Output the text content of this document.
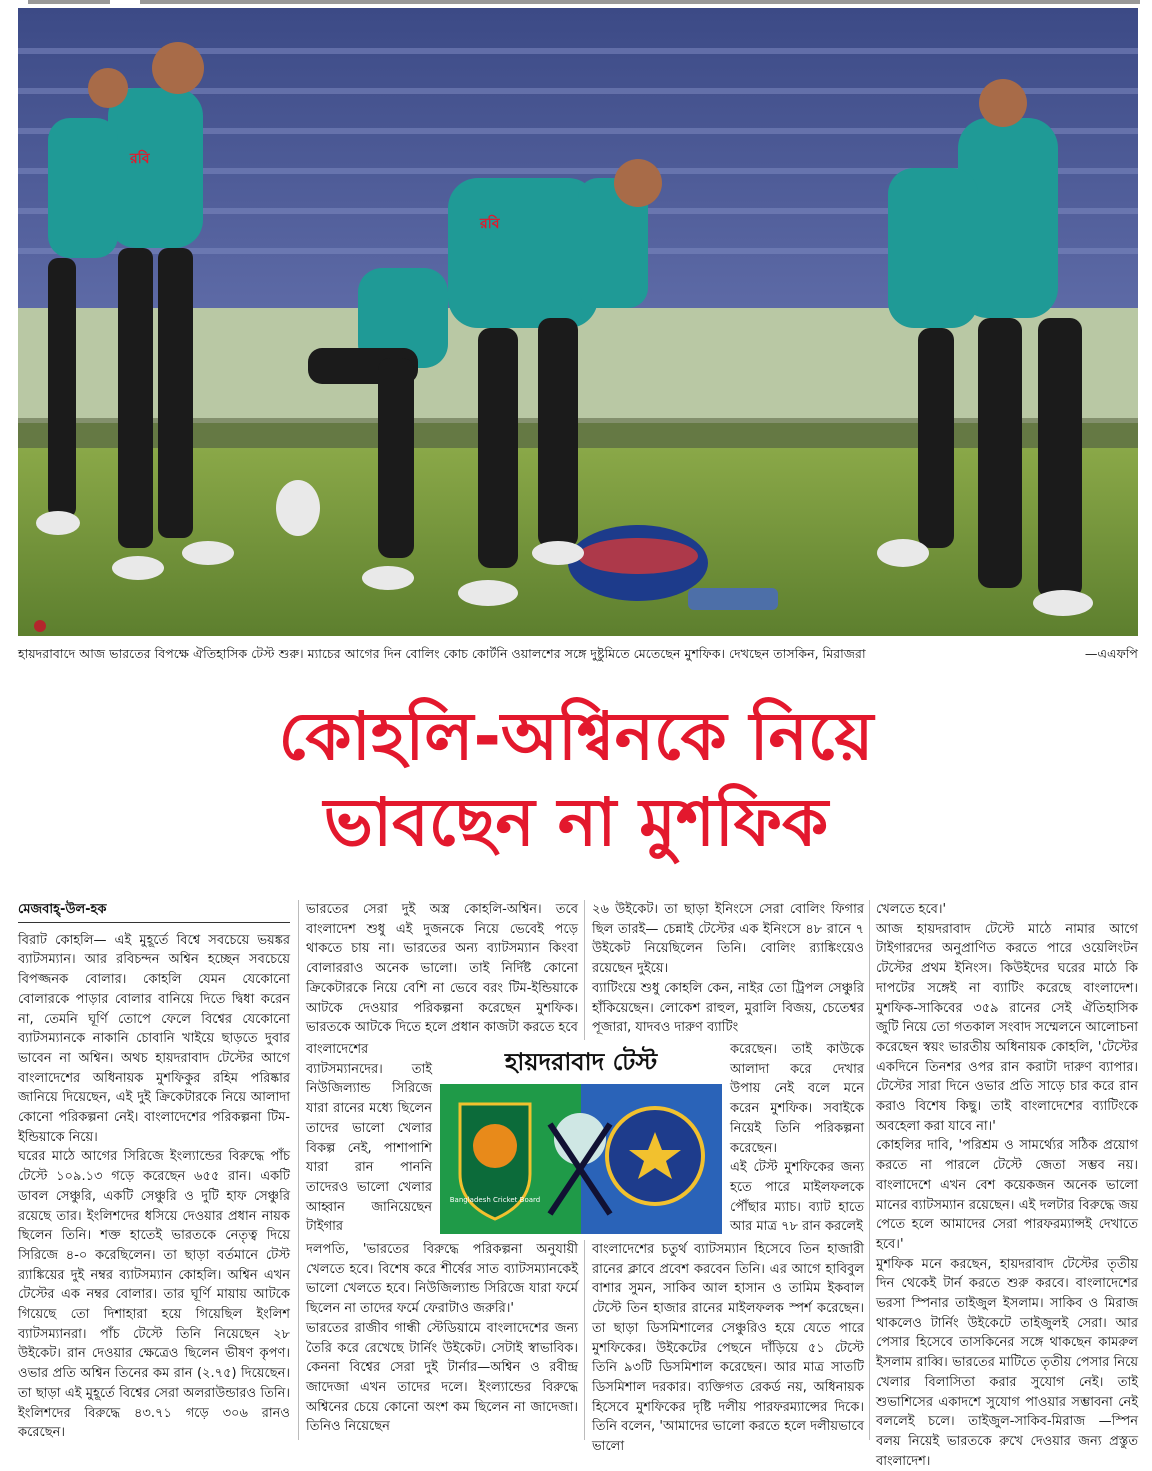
রবি
রবি
হায়দরাবাদে আজ ভারতের বিপক্ষে ঐতিহাসিক টেস্ট শুরু। ম্যাচের আগের দিন বোলিং কোচ কোর্টনি ওয়ালশের সঙ্গে দুষ্টুমিতে মেতেছেন মুশফিক। দেখছেন তাসকিন, মিরাজরা	—এএফপি
কোহলি-অশ্বিনকে নিয়ে
ভাবছেন না মুশফিক

মেজবাহ্-উল-হক

বিরাট কোহলি— এই মুহূর্তে বিশ্বে সবচেয়ে ভয়ঙ্কর ব্যাটসম্যান। আর রবিচন্দন অশ্বিন হচ্ছেন সবচেয়ে বিপজ্জনক বোলার। কোহলি যেমন যেকোনো বোলারকে পাড়ার বোলার বানিয়ে দিতে দ্বিধা করেন না, তেমনি ঘূর্ণি তোপে ফেলে বিশ্বের যেকোনো ব্যাটসম্যানকে নাকানি চোবানি খাইয়ে ছাড়তে দুবার ভাবেন না অশ্বিন। অথচ হায়দরাবাদ টেস্টের আগে বাংলাদেশের অধিনায়ক মুশফিকুর রহিম পরিষ্কার জানিয়ে দিয়েছেন, এই দুই ক্রিকেটারকে নিয়ে আলাদা কোনো পরিকল্পনা নেই। বাংলাদেশের পরিকল্পনা টিম-ইন্ডিয়াকে নিয়ে।

ঘরের মাঠে আগের সিরিজে ইংল্যান্ডের বিরুদ্ধে পাঁচ টেস্টে ১০৯.১৩ গড়ে করেছেন ৬৫৫ রান। একটি ডাবল সেঞ্চুরি, একটি সেঞ্চুরি ও দুটি হাফ সেঞ্চুরি রয়েছে তার। ইংলিশদের ধসিয়ে দেওয়ার প্রধান নায়ক ছিলেন তিনি। শক্ত হাতেই ভারতকে নেতৃত্ব দিয়ে সিরিজে ৪-০ করেছিলেন। তা ছাড়া বর্তমানে টেস্ট র‌্যাঙ্কিয়ের দুই নম্বর ব্যাটসম্যান কোহলি। অশ্বিন এখন টেস্টের এক নম্বর বোলার। তার ঘূর্ণি মায়ায় আটকে গিয়েছে তো দিশাহারা হয়ে গিয়েছিল ইংলিশ ব্যাটসম্যানরা। পাঁচ টেস্টে তিনি নিয়েছেন ২৮ উইকেট। রান দেওয়ার ক্ষেত্রেও ছিলেন ভীষণ কৃপণ। ওভার প্রতি অশ্বিন তিনের কম রান (২.৭৫) দিয়েছেন। তা ছাড়া এই মুহূর্তে বিশ্বের সেরা অলরাউন্ডারও তিনি। ইংলিশদের বিরুদ্ধে ৪৩.৭১ গড়ে ৩০৬ রানও করেছেন।

ভারতের সেরা দুই অস্ত্র কোহলি-অশ্বিন। তবে বাংলাদেশ শুধু এই দুজনকে নিয়ে ভেবেই পড়ে থাকতে চায় না। ভারতের অন্য ব্যাটসম্যান কিংবা বোলাররাও অনেক ভালো। তাই নির্দিষ্ট কোনো ক্রিকেটারকে নিয়ে বেশি না ভেবে বরং টিম-ইন্ডিয়াকে আটকে দেওয়ার পরিকল্পনা করেছেন মুশফিক। ভারতকে আটকে দিতে হলে প্রধান কাজটা করতে হবে

বাংলাদেশের ব্যাটসম্যানদের। তাই নিউজিল্যান্ড সিরিজে যারা রানের মধ্যে ছিলেন তাদের ভালো খেলার বিকল্প নেই, পাশাপাশি যারা রান পাননি তাদেরও ভালো খেলার আহ্বান জানিয়েছেন টাইগার

দলপতি, 'ভারতের বিরুদ্ধে পরিকল্পনা অনুযায়ী খেলতে হবে। বিশেষ করে শীর্ষের সাত ব্যাটসম্যানকেই ভালো খেলতে হবে। নিউজিল্যান্ড সিরিজে যারা ফর্মে ছিলেন না তাদের ফর্মে ফেরাটাও জরুরি।'

ভারতের রাজীব গান্ধী স্টেডিয়ামে বাংলাদেশের জন্য তৈরি করে রেখেছে টার্নিং উইকেট। সেটাই স্বাভাবিক। কেননা বিশ্বের সেরা দুই টার্নার—অশ্বিন ও রবীন্দ্র জাদেজা এখন তাদের দলে। ইংল্যান্ডের বিরুদ্ধে অশ্বিনের চেয়ে কোনো অংশ কম ছিলেন না জাদেজা। তিনিও নিয়েছেন

২৬ উইকেট। তা ছাড়া ইনিংসে সেরা বোলিং ফিগার ছিল তারই— চেন্নাই টেস্টের এক ইনিংসে ৪৮ রানে ৭ উইকেট নিয়েছিলেন তিনি। বোলিং র‌্যাঙ্কিংয়েও রয়েছেন দুইয়ে।

ব্যাটিংয়ে শুধু কোহলি কেন, নাইর তো ট্রিপল সেঞ্চুরি হাঁকিয়েছেন। লোকেশ রাহুল, মুরালি বিজয়, চেতেশ্বর পূজারা, যাদবও দারুণ ব্যাটিং

করেছেন। তাই কাউকে আলাদা করে দেখার উপায় নেই বলে মনে করেন মুশফিক। সবাইকে নিয়েই তিনি পরিকল্পনা করেছেন।

এই টেস্ট মুশফিকের জন্য হতে পারে মাইলফলকে পৌঁছার ম্যাচ। ব্যাট হাতে আর মাত্র ৭৮ রান করলেই

বাংলাদেশের চতুর্থ ব্যাটসম্যান হিসেবে তিন হাজারী রানের ক্লাবে প্রবেশ করবেন তিনি। এর আগে হাবিবুল বাশার সুমন, সাকিব আল হাসান ও তামিম ইকবাল টেস্টে তিন হাজার রানের মাইলফলক স্পর্শ করেছেন। তা ছাড়া ডিসমিশালের সেঞ্চুরিও হয়ে যেতে পারে মুশফিকের। উইকেটের পেছনে দাঁড়িয়ে ৫১ টেস্টে তিনি ৯৩টি ডিসমিশাল করেছেন। আর মাত্র সাতটি ডিসমিশাল দরকার। ব্যক্তিগত রেকর্ড নয়, অধিনায়ক হিসেবে মুশফিকের দৃষ্টি দলীয় পারফরম্যান্সের দিকে। তিনি বলেন, 'আমাদের ভালো করতে হলে দলীয়ভাবে ভালো

খেলতে হবে।'

আজ হায়দরাবাদ টেস্টে মাঠে নামার আগে টাইগারদের অনুপ্রাণিত করতে পারে ওয়েলিংটন টেস্টের প্রথম ইনিংস। কিউইদের ঘরের মাঠে কি দাপটের সঙ্গেই না ব্যাটিং করেছে বাংলাদেশ। মুশফিক-সাকিবের ৩৫৯ রানের সেই ঐতিহাসিক জুটি নিয়ে তো গতকাল সংবাদ সম্মেলনে আলোচনা করেছেন স্বয়ং ভারতীয় অধিনায়ক কোহলি, 'টেস্টের একদিনে তিনশর ওপর রান করাটা দারুণ ব্যাপার। টেস্টের সারা দিনে ওভার প্রতি সাড়ে চার করে রান করাও বিশেষ কিছু। তাই বাংলাদেশের ব্যাটিংকে অবহেলা করা যাবে না।'

কোহলির দাবি, 'পরিশ্রম ও সামর্থ্যের সঠিক প্রয়োগ করতে না পারলে টেস্টে জেতা সম্ভব নয়। বাংলাদেশে এখন বেশ কয়েকজন অনেক ভালো মানের ব্যাটসম্যান রয়েছেন। এই দলটার বিরুদ্ধে জয় পেতে হলে আমাদের সেরা পারফরম্যান্সই দেখাতে হবে।'

মুশফিক মনে করছেন, হায়দরাবাদ টেস্টের তৃতীয় দিন থেকেই টার্ন করতে শুরু করবে। বাংলাদেশের ভরসা স্পিনার তাইজুল ইসলাম। সাকিব ও মিরাজ থাকলেও টার্নিং উইকেটে তাইজুলই সেরা। আর পেসার হিসেবে তাসকিনের সঙ্গে থাকছেন কামরুল ইসলাম রাব্বি। ভারতের মাটিতে তৃতীয় পেসার নিয়ে খেলার বিলাসিতা করার সুযোগ নেই। তাই শুভাশিসের একাদশে সুযোগ পাওয়ার সম্ভাবনা নেই বললেই চলে। তাইজুল-সাকিব-মিরাজ —স্পিন বলয় নিয়েই ভারতকে রুখে দেওয়ার জন্য প্রস্তুত বাংলাদেশ।

হায়দরাবাদ টেস্ট
Bangladesh Cricket Board
